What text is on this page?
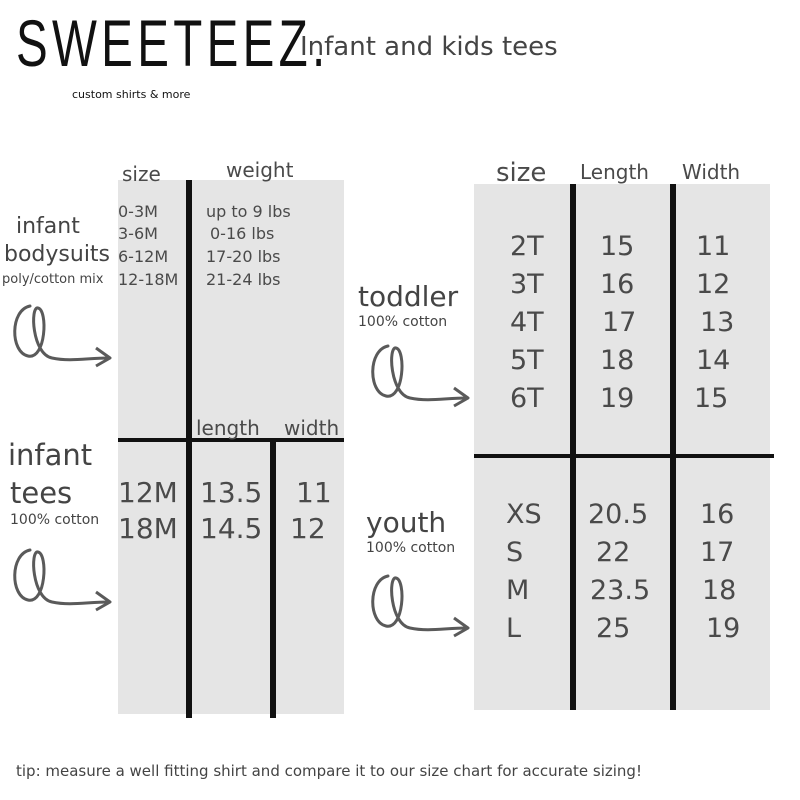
SWEETEEZ.
custom shirts & more
Infant and kids tees
size	weight
0-3M	up to 9 lbs
3-6M	0-16 lbs
6-12M 17-20 lbs
12-18M 21-24 lbs
infant
bodysuits
poly/cotton mix
length width
12M 13.5 11
18M 14.5 12
infant
tees
100% cotton
size Length Width
2T 15 11
3T 16 12
4T 17 13
5T 18 14
6T 19 15
toddler
100% cotton
XS 20.5 16
S	22	17
M 23.5 18
L	25	19
youth
100% cotton
tip: measure a well fitting shirt and compare it to our size chart for accurate sizing!
